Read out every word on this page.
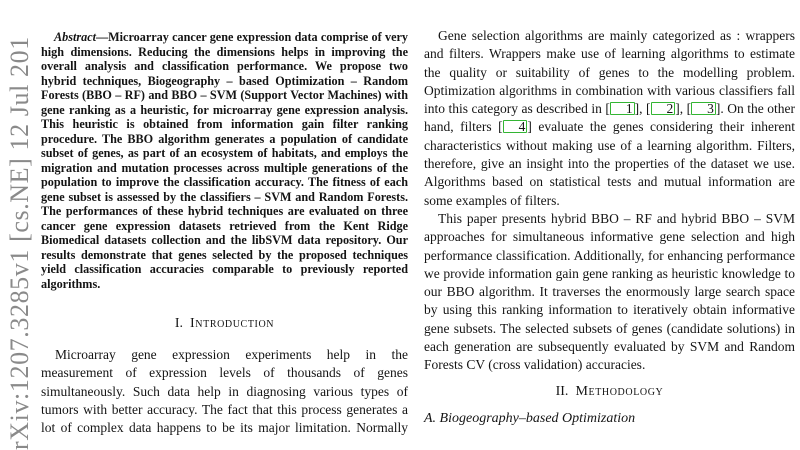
rXiv:1207.3285v1 [cs.NE] 12 Jul 201	Abstract—Microarray cancer gene expression data comprise of very high dimensions. Reducing the dimensions helps in improving the overall analysis and classification performance. We propose two hybrid techniques, Biogeography – based Optimization – Random Forests (BBO – RF) and BBO – SVM (Support Vector Machines) with gene ranking as a heuristic, for microarray gene expression analysis. This heuristic is obtained from information gain filter ranking procedure. The BBO algorithm generates a population of candidate subset of genes, as part of an ecosystem of habitats, and employs the migration and mutation processes across multiple generations of the population to improve the classification accuracy. The fitness of each gene subset is assessed by the classifiers – SVM and Random Forests. The performances of these hybrid techniques are evaluated on three cancer gene expression datasets retrieved from the Kent Ridge Biomedical datasets collection and the libSVM data repository. Our results demonstrate that genes selected by the proposed techniques yield classification accuracies comparable to previously reported algorithms.

I. Introduction

Microarray gene expression experiments help in the measurement of expression levels of thousands of genes simultaneously. Such data help in diagnosing various types of tumors with better accuracy. The fact that this process generates a lot of complex data happens to be its major limitation. Normally

Gene selection algorithms are mainly categorized as : wrappers and filters. Wrappers make use of learning algorithms to estimate the quality or suitability of genes to the modelling problem. Optimization algorithms in combination with various classifiers fall into this category as described in [ 1 ], [ 2 ], [ 3 ]. On the other hand, filters [ 4 ] evaluate the genes considering their inherent characteristics without making use of a learning algorithm. Filters, therefore, give an insight into the properties of the dataset we use. Algorithms based on statistical tests and mutual information are some examples of filters.

This paper presents hybrid BBO – RF and hybrid BBO – SVM approaches for simultaneous informative gene selection and high performance classification. Additionally, for enhancing performance we provide information gain gene ranking as heuristic knowledge to our BBO algorithm. It traverses the enormously large search space by using this ranking information to iteratively obtain informative gene subsets. The selected subsets of genes (candidate solutions) in each generation are subsequently evaluated by SVM and Random Forests CV (cross validation) accuracies.

II. Methodology

A. Biogeography–based Optimization
